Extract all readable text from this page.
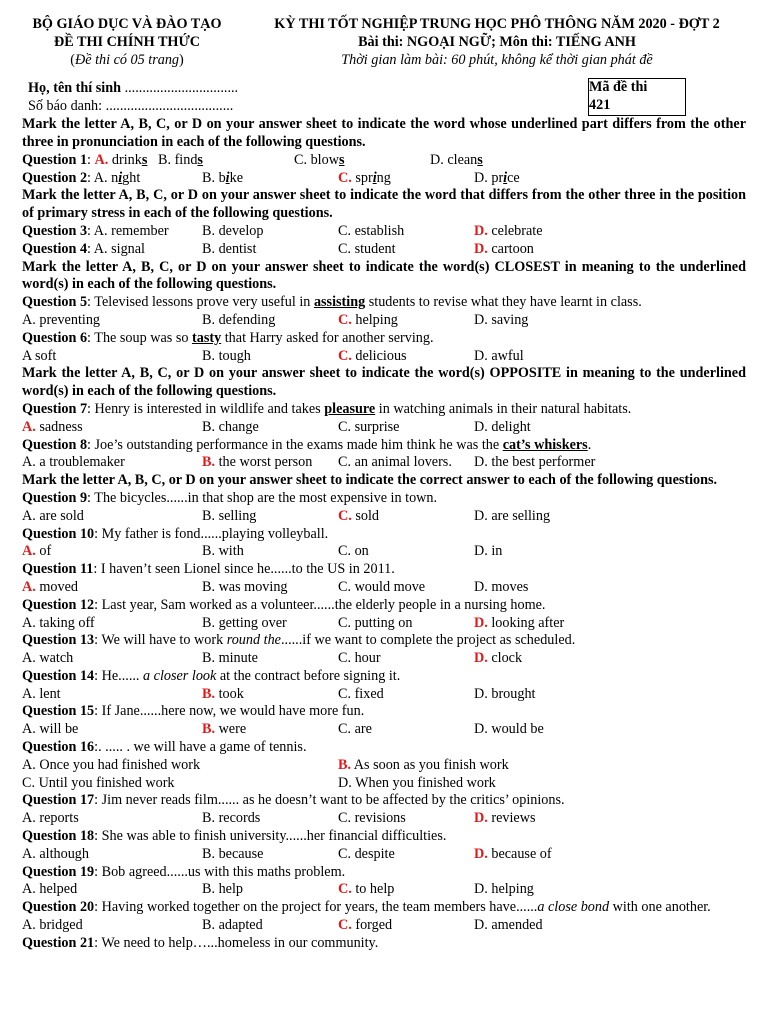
BỘ GIÁO DỤC VÀ ĐÀO TẠO
ĐỀ THI CHÍNH THỨC
(Đề thi có 05 trang)
KỲ THI TỐT NGHIỆP TRUNG HỌC PHÔ THÔNG NĂM 2020 - ĐỢT 2
Bài thi: NGOẠI NGỮ; Môn thi: TIẾNG ANH
Thời gian làm bài: 60 phút, không kể thời gian phát đề
Họ, tên thí sinh ................................	Mã đề thi 421
Số báo danh: ....................................
Mark the letter A, B, C, or D on your answer sheet to indicate the word whose underlined part differs from the other three in pronunciation in each of the following questions.
Question 1: A. drinks B. finds	C. blows	D. cleans
Question 2: A. night	B. bike	C. spring	D. price
Mark the letter A, B, C, or D on your answer sheet to indicate the word that differs from the other three in the position of primary stress in each of the following questions.
Question 3: A. remember	B. develop	C. establish	D. celebrate
Question 4: A. signal	B. dentist	C. student	D. cartoon
Mark the letter A, B, C, or D on your answer sheet to indicate the word(s) CLOSEST in meaning to the underlined word(s) in each of the following questions.
Question 5: Televised lessons prove very useful in assisting students to revise what they have learnt in class.
A. preventing	B. defending	C. helping	D. saving
Question 6: The soup was so tasty that Harry asked for another serving.
A soft	B. tough	C. delicious	D. awful
Mark the letter A, B, C, or D on your answer sheet to indicate the word(s) OPPOSITE in meaning to the underlined word(s) in each of the following questions.
Question 7: Henry is interested in wildlife and takes pleasure in watching animals in their natural habitats.
A. sadness	B. change	C. surprise	D. delight
Question 8: Joe’s outstanding performance in the exams made him think he was the cat’s whiskers.
A. a troublemaker	B. the worst person	C. an animal lovers.	D. the best performer
Mark the letter A, B, C, or D on your answer sheet to indicate the correct answer to each of the following questions.
Question 9: The bicycles......in that shop are the most expensive in town.
A. are sold	B. selling	C. sold	D. are selling
Question 10: My father is fond......playing volleyball.
A. of	B. with	C. on	D. in
Question 11: I haven’t seen Lionel since he......to the US in 2011.
A. moved	B. was moving	C. would move	D. moves
Question 12: Last year, Sam worked as a volunteer......the elderly people in a nursing home.
A. taking off	B. getting over	C. putting on	D. looking after
Question 13: We will have to work round the......if we want to complete the project as scheduled.
A. watch	B. minute	C. hour	D. clock
Question 14: He...... a closer look at the contract before signing it.
A. lent	B. took	C. fixed	D. brought
Question 15: If Jane......here now, we would have more fun.
A. will be	B. were	C. are	D. would be
Question 16:. ..... . we will have a game of tennis.
A. Once you had finished work	B. As soon as you finish work
C. Until you finished work	D. When you finished work
Question 17: Jim never reads film...... as he doesn’t want to be affected by the critics’ opinions.
A. reports	B. records	C. revisions	D. reviews
Question 18: She was able to finish university......her financial difficulties.
A. although	B. because	C. despite	D. because of
Question 19: Bob agreed......us with this maths problem.
A. helped	B. help	C. to help	D. helping
Question 20: Having worked together on the project for years, the team members have......a close bond with one another.
A. bridged	B. adapted	C. forged	D. amended
Question 21: We need to help…...homeless in our community.
